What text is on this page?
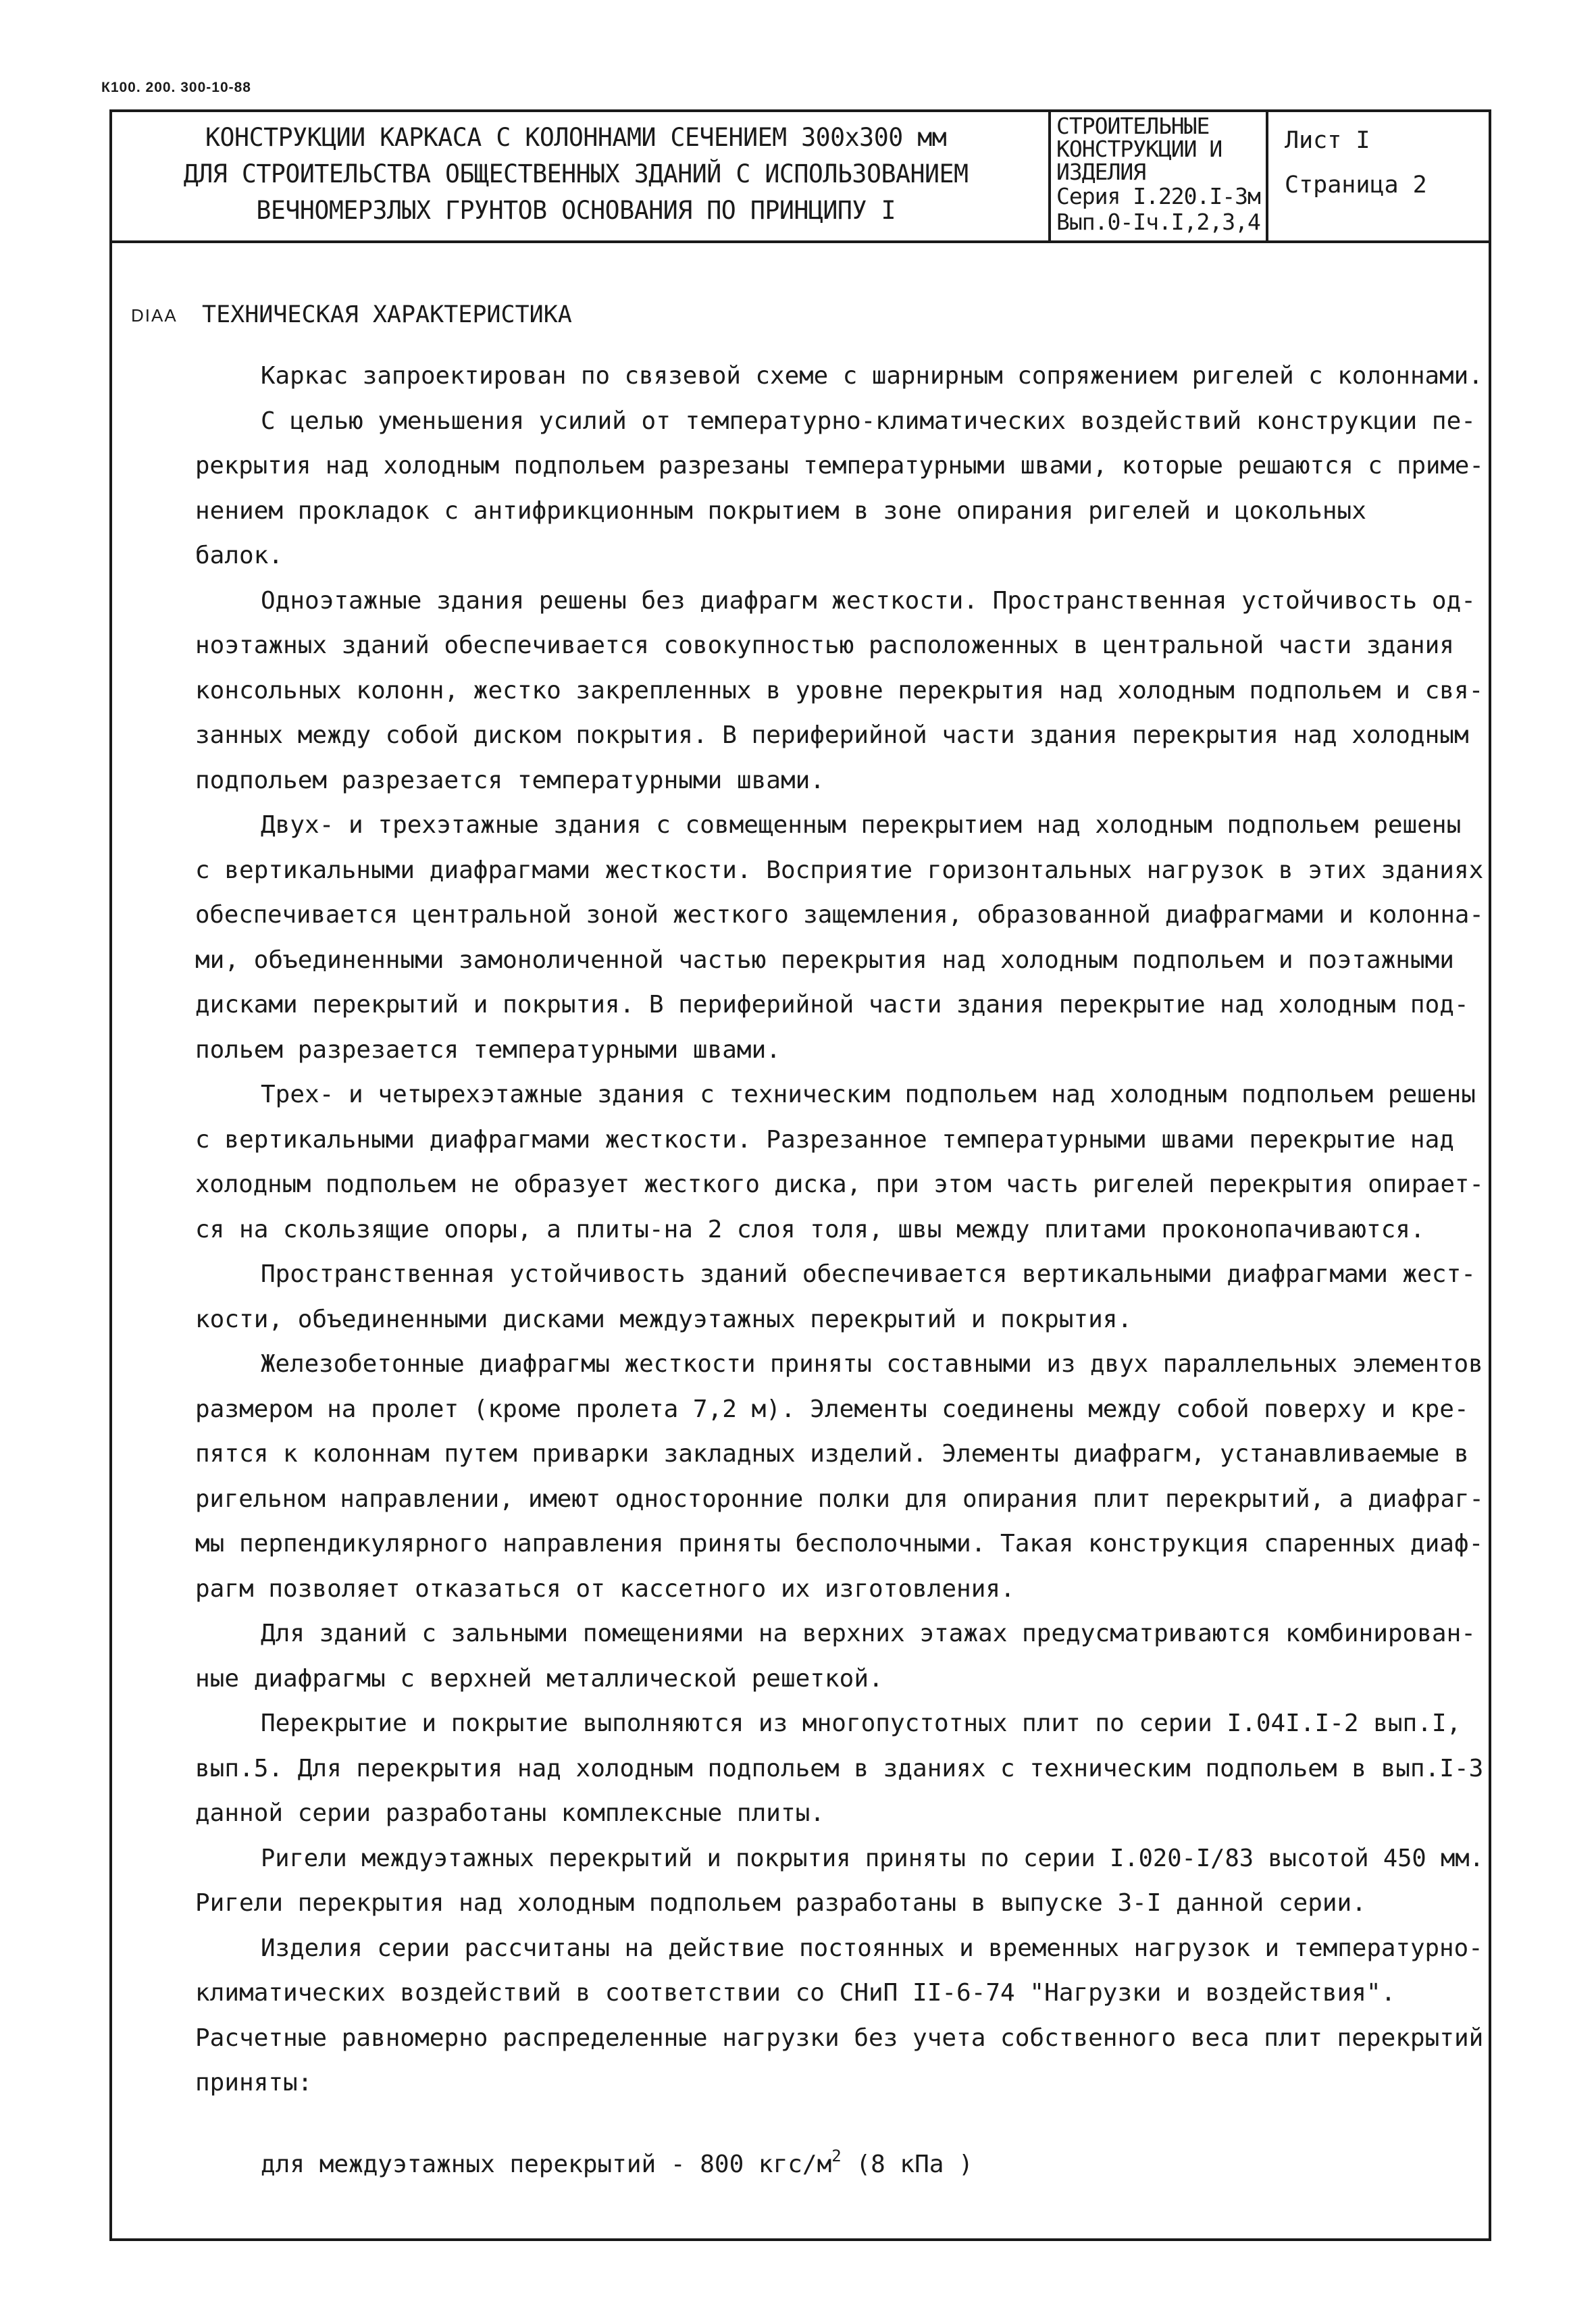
К100. 200. 300-10-88
КОНСТРУКЦИИ КАРКАСА С КОЛОННАМИ СЕЧЕНИЕМ 300х300 мм
ДЛЯ СТРОИТЕЛЬСТВА ОБЩЕСТВЕННЫХ ЗДАНИЙ С ИСПОЛЬЗОВАНИЕМ
ВЕЧНОМЕРЗЛЫХ ГРУНТОВ ОСНОВАНИЯ ПО ПРИНЦИПУ I
СТРОИТЕЛЬНЫЕ
КОНСТРУКЦИИ И
ИЗДЕЛИЯ
Серия I.220.I-3м
Вып.0-Iч.I,2,3,4
Лист I
Страница 2
DIAA ТЕХНИЧЕСКАЯ ХАРАКТЕРИСТИКА
Каркас запроектирован по связевой схеме с шарнирным сопряжением ригелей с колоннами.
С целью уменьшения усилий от температурно-климатических воздействий конструкции пе-
рекрытия над холодным подпольем разрезаны температурными швами, которые решаются с приме-
нением прокладок с антифрикционным покрытием в зоне опирания ригелей и цокольных
балок.
Одноэтажные здания решены без диафрагм жесткости. Пространственная устойчивость од-
ноэтажных зданий обеспечивается совокупностью расположенных в центральной части здания
консольных колонн, жестко закрепленных в уровне перекрытия над холодным подпольем и свя-
занных между собой диском покрытия. В периферийной части здания перекрытия над холодным
подпольем разрезается температурными швами.
Двух- и трехэтажные здания с совмещенным перекрытием над холодным подпольем решены
с вертикальными диафрагмами жесткости. Восприятие горизонтальных нагрузок в этих зданиях
обеспечивается центральной зоной жесткого защемления, образованной диафрагмами и колонна-
ми, объединенными замоноличенной частью перекрытия над холодным подпольем и поэтажными
дисками перекрытий и покрытия. В периферийной части здания перекрытие над холодным под-
польем разрезается температурными швами.
Трех- и четырехэтажные здания с техническим подпольем над холодным подпольем решены
с вертикальными диафрагмами жесткости. Разрезанное температурными швами перекрытие над
холодным подпольем не образует жесткого диска, при этом часть ригелей перекрытия опирает-
ся на скользящие опоры, а плиты-на 2 слоя толя, швы между плитами проконопачиваются.
Пространственная устойчивость зданий обеспечивается вертикальными диафрагмами жест-
кости, объединенными дисками междуэтажных перекрытий и покрытия.
Железобетонные диафрагмы жесткости приняты составными из двух параллельных элементов
размером на пролет (кроме пролета 7,2 м). Элементы соединены между собой поверху и кре-
пятся к колоннам путем приварки закладных изделий. Элементы диафрагм, устанавливаемые в
ригельном направлении, имеют односторонние полки для опирания плит перекрытий, а диафраг-
мы перпендикулярного направления приняты бесполочными. Такая конструкция спаренных диаф-
рагм позволяет отказаться от кассетного их изготовления.
Для зданий с зальными помещениями на верхних этажах предусматриваются комбинирован-
ные диафрагмы с верхней металлической решеткой.
Перекрытие и покрытие выполняются из многопустотных плит по серии I.04I.I-2 вып.I,
вып.5. Для перекрытия над холодным подпольем в зданиях с техническим подпольем в вып.I-3
данной серии разработаны комплексные плиты.
Ригели междуэтажных перекрытий и покрытия приняты по серии I.020-I/83 высотой 450 мм.
Ригели перекрытия над холодным подпольем разработаны в выпуске 3-I данной серии.
Изделия серии рассчитаны на действие постоянных и временных нагрузок и температурно-
климатических воздействий в соответствии со СНиП II-6-74 "Нагрузки и воздействия".
Расчетные равномерно распределенные нагрузки без учета собственного веса плит перекрытий
приняты:
для междуэтажных перекрытий - 800 кгс/$м^2$ (8 кПа )
